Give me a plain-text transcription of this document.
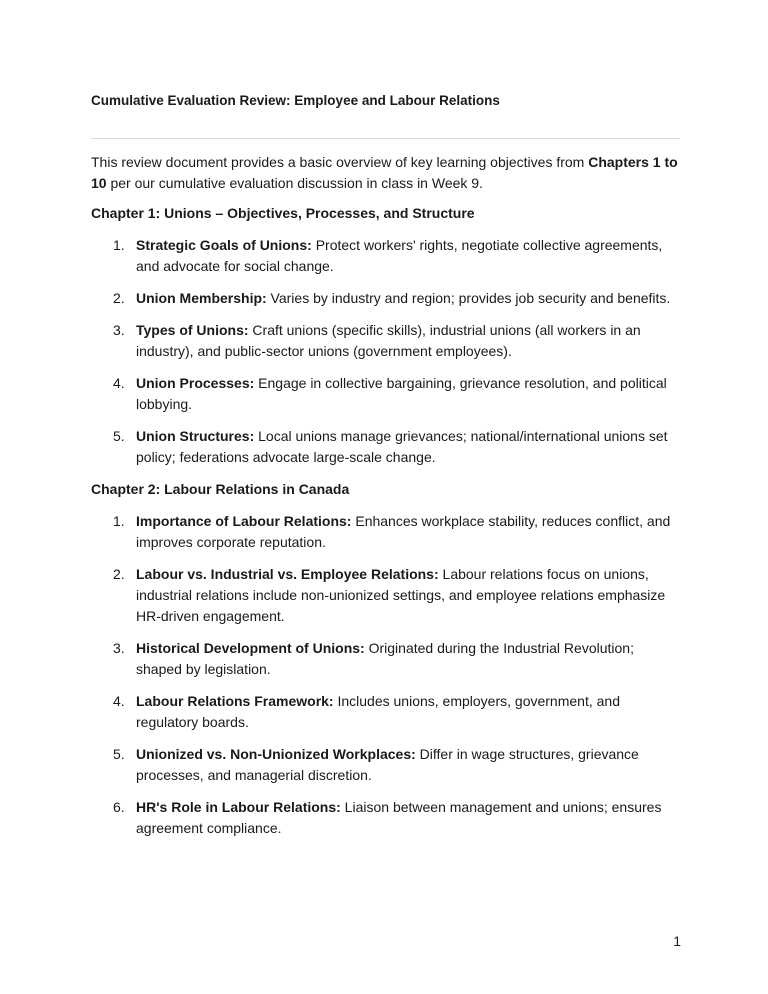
Cumulative Evaluation Review: Employee and Labour Relations

This review document provides a basic overview of key learning objectives from Chapters 1 to 10 per our cumulative evaluation discussion in class in Week 9.

Chapter 1: Unions – Objectives, Processes, and Structure
1. Strategic Goals of Unions: Protect workers' rights, negotiate collective agreements, and advocate for social change.
2. Union Membership: Varies by industry and region; provides job security and benefits.
3. Types of Unions: Craft unions (specific skills), industrial unions (all workers in an industry), and public-sector unions (government employees).
4. Union Processes: Engage in collective bargaining, grievance resolution, and political lobbying.
5. Union Structures: Local unions manage grievances; national/international unions set policy; federations advocate large-scale change.
Chapter 2: Labour Relations in Canada
1. Importance of Labour Relations: Enhances workplace stability, reduces conflict, and improves corporate reputation.
2. Labour vs. Industrial vs. Employee Relations: Labour relations focus on unions, industrial relations include non-unionized settings, and employee relations emphasize HR-driven engagement.
3. Historical Development of Unions: Originated during the Industrial Revolution; shaped by legislation.
4. Labour Relations Framework: Includes unions, employers, government, and regulatory boards.
5. Unionized vs. Non-Unionized Workplaces: Differ in wage structures, grievance processes, and managerial discretion.
6. HR's Role in Labour Relations: Liaison between management and unions; ensures agreement compliance.
1
